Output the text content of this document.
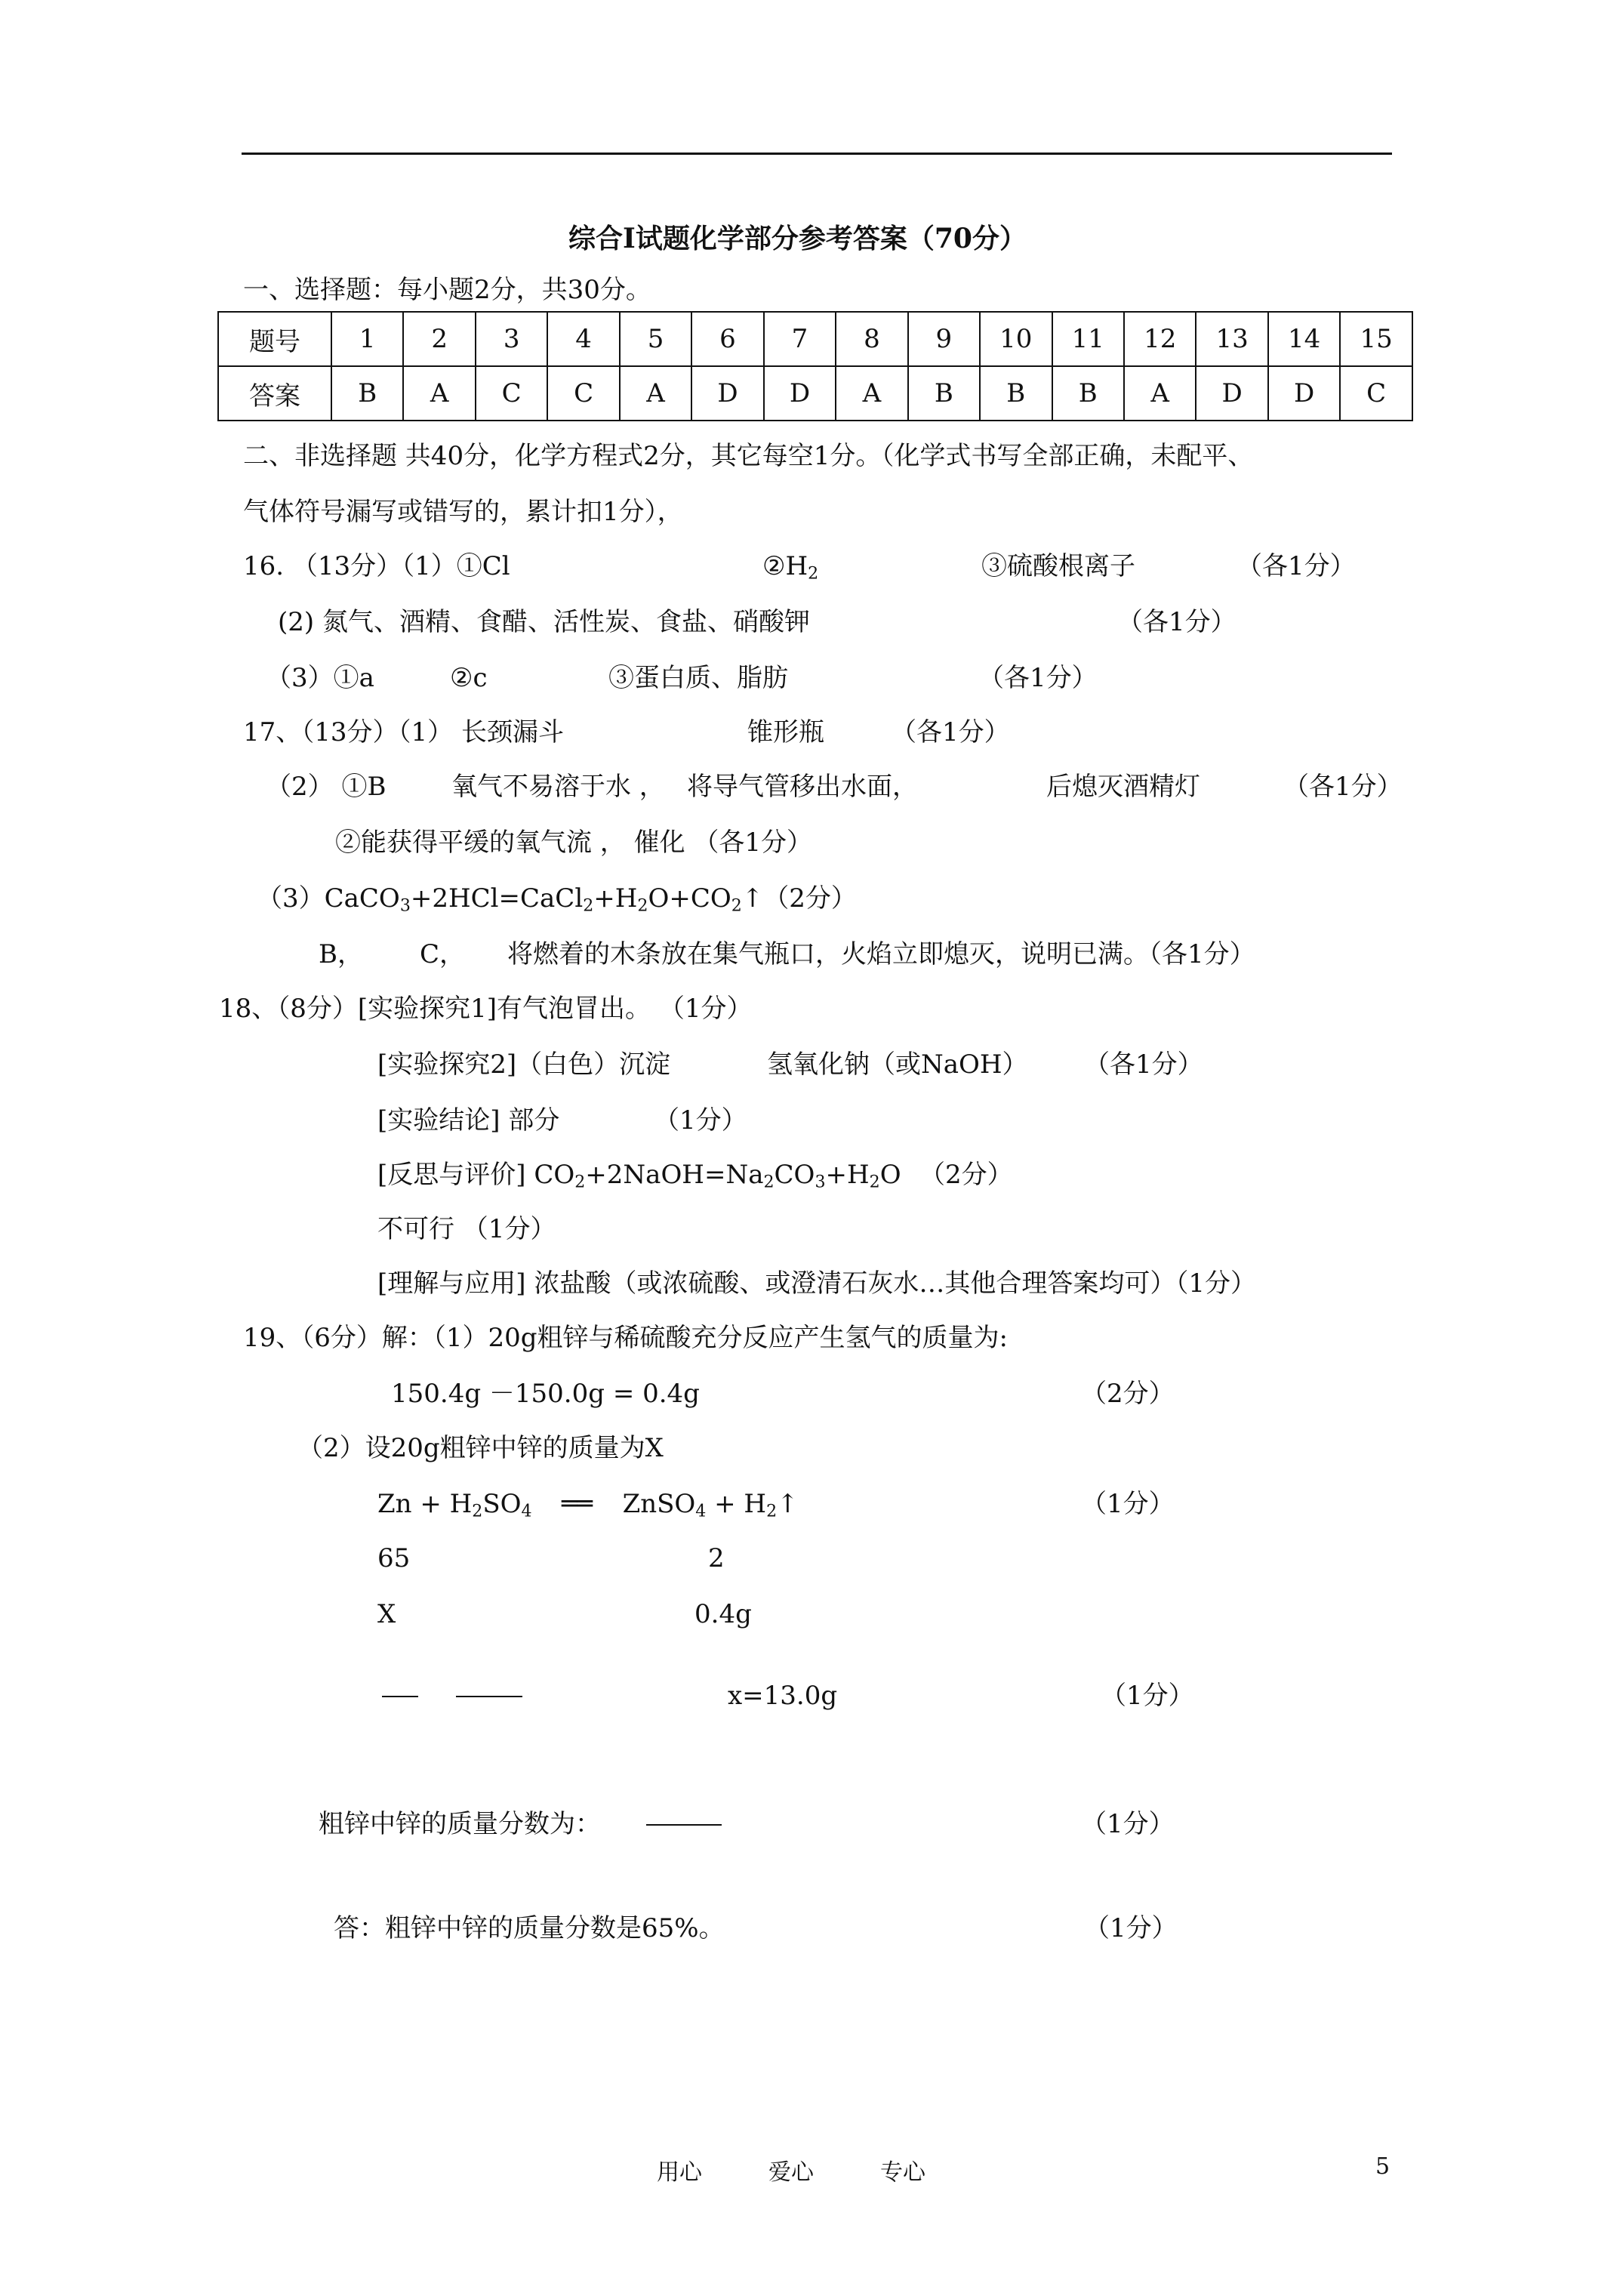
综合Ⅰ试题化学部分参考答案（70分）
一、选择题：每小题2分，共30分。
题号	1	2	3	4	5	6	7	8	9	10	11	12	13	14	15
答案	B	A	C	C	A	D	D	A	B	B	B	A	D	D	C
二、非选择题 共40分，化学方程式2分，其它每空1分。（化学式书写全部正确，未配平、
气体符号漏写或错写的，累计扣1分），
16. （13分）（1）①Cl	$②H_2$	③硫酸根离子	（各1分）
(2) 氮气、酒精、食醋、活性炭、食盐、硝酸钾	（各1分）
（3）①a	②c	③蛋白质、脂肪	（各1分）
17、（13分）（1） 长颈漏斗	锥形瓶	（各1分）
（2） ①B	氧气不易溶于水 ， 将导气管移出水面，	后熄灭酒精灯	（各1分）
②能获得平缓的氧气流 ， 催化 （各1分）
$(3)CaCO_3+2HCl=CaCl_2+H_2O+CO_2↑(2$分）
B， C， 将燃着的木条放在集气瓶口，火焰立即熄灭，说明已满。（各1分）
18、（8分）[实验探究1]有气泡冒出。 （1分）
[实验探究2]（白色）沉淀	氢氧化钠（或NaOH） （各1分）
[实验结论] 部分	（1分）
[反思与评价] $CO_2+2NaOH=Na_2CO_3+H_2O$ （2分）
不可行 （1分）
[理解与应用] 浓盐酸（或浓硫酸、或澄清石灰水…其他合理答案均可）（1分）
19、（6分）解：（1）20g粗锌与稀硫酸充分反应产生氢气的质量为:
150.4g －150.0g = 0.4g	（2分）
（2）设20g粗锌中锌的质量为X
$Zn + H_2SO_4$ ══ ZnSO$_4$ + $H_2↑$	（1分）
65	2
X	0.4g
x=13.0g	（1分）
粗锌中锌的质量分数为：	（1分）
答：粗锌中锌的质量分数是65%。	（1分）
用心	爱心	专心	5
